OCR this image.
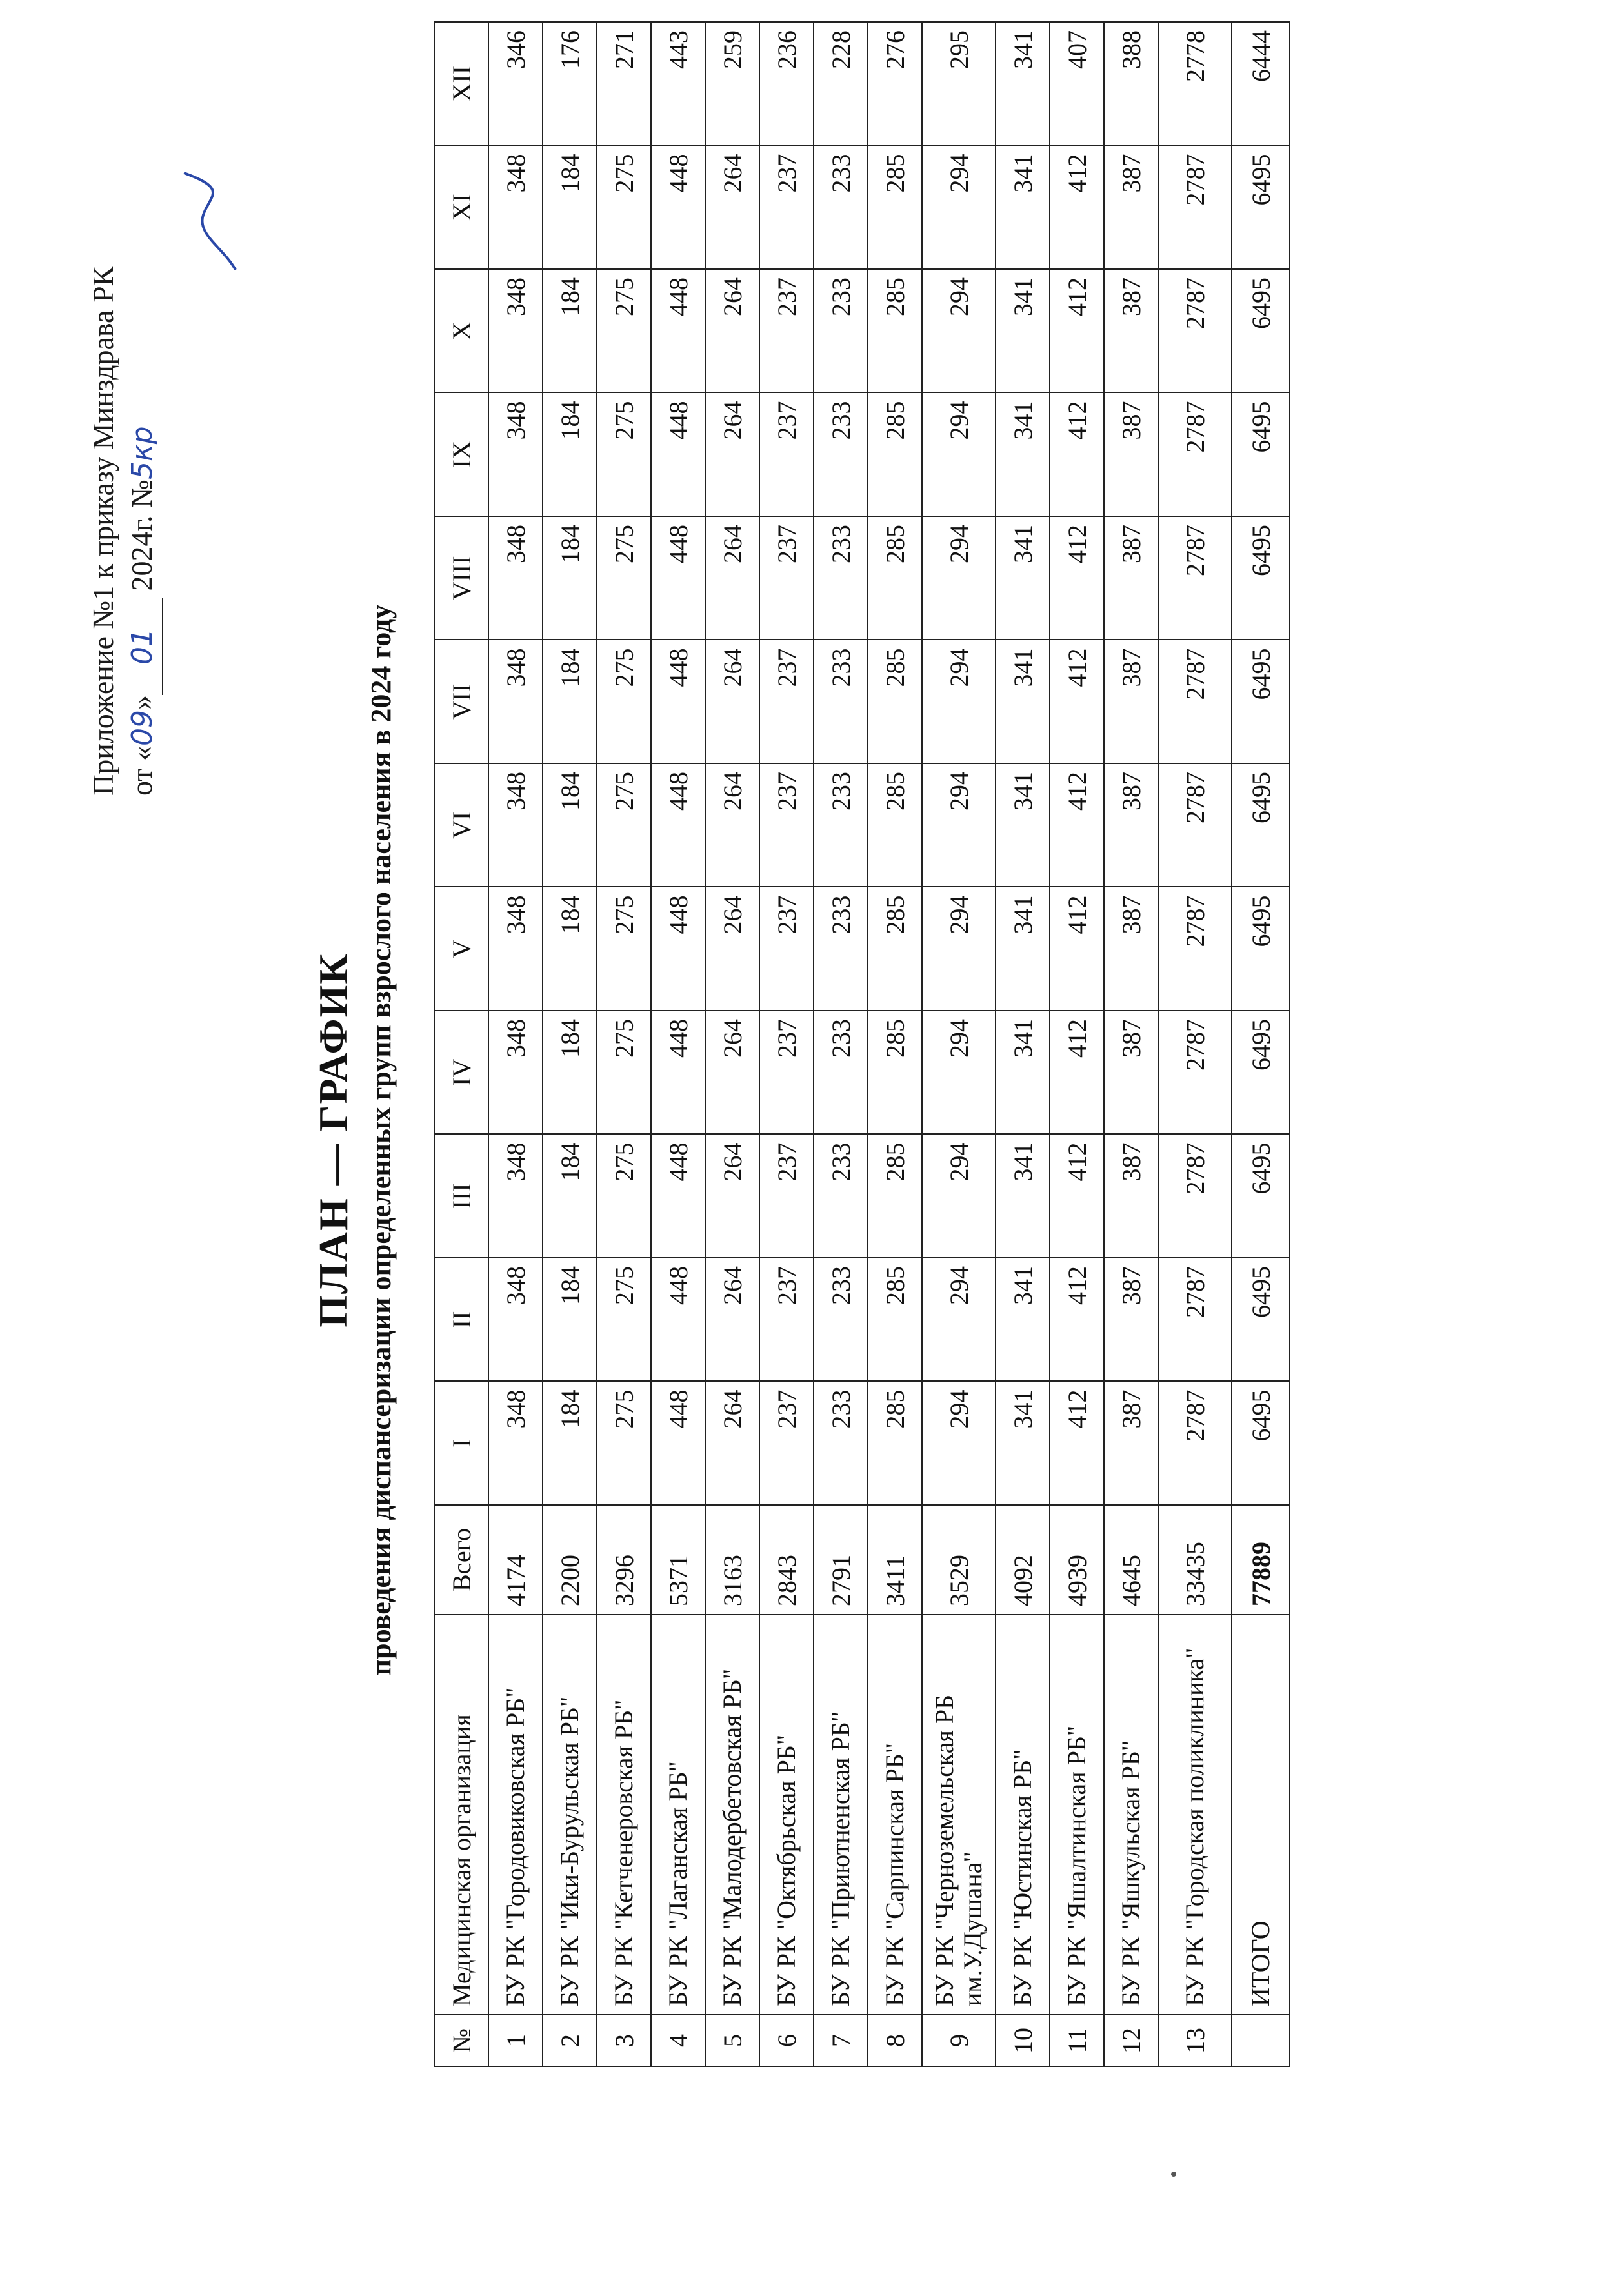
Приложение №1 к приказу Минздрава РК от «09»01 2024г. №5кр
ПЛАН — ГРАФИК проведения диспансеризации определенных групп взрослого населения в 2024 году
№	Медицинская организация	Всего	I	II	III	IV	V	VI	VII	VIII	IX	X	XI	XII
1	БУ РК "Городовиковская РБ"	4174	348	348	348	348	348	348	348	348	348	348	348	346
2	БУ РК "Ики-Бурульская РБ"	2200	184	184	184	184	184	184	184	184	184	184	184	176
3	БУ РК "Кетченеровская РБ"	3296	275	275	275	275	275	275	275	275	275	275	275	271
4	БУ РК "Лаганская РБ"	5371	448	448	448	448	448	448	448	448	448	448	448	443
5	БУ РК "Малодербетовская РБ"	3163	264	264	264	264	264	264	264	264	264	264	264	259
6	БУ РК "Октябрьская РБ"	2843	237	237	237	237	237	237	237	237	237	237	237	236
7	БУ РК "Приютненская РБ"	2791	233	233	233	233	233	233	233	233	233	233	233	228
8	БУ РК "Сарпинская РБ"	3411	285	285	285	285	285	285	285	285	285	285	285	276
9	БУ РК "Черноземельская РБ им.У.Душана"	3529	294	294	294	294	294	294	294	294	294	294	294	295
10	БУ РК "Юстинская РБ"	4092	341	341	341	341	341	341	341	341	341	341	341	341
11	БУ РК "Яшалтинская РБ"	4939	412	412	412	412	412	412	412	412	412	412	412	407
12	БУ РК "Яшкульская РБ"	4645	387	387	387	387	387	387	387	387	387	387	387	388
13	БУ РК "Городская поликлиника"	33435	2787	2787	2787	2787	2787	2787	2787	2787	2787	2787	2787	2778
	ИТОГО	77889	6495	6495	6495	6495	6495	6495	6495	6495	6495	6495	6495	6444
